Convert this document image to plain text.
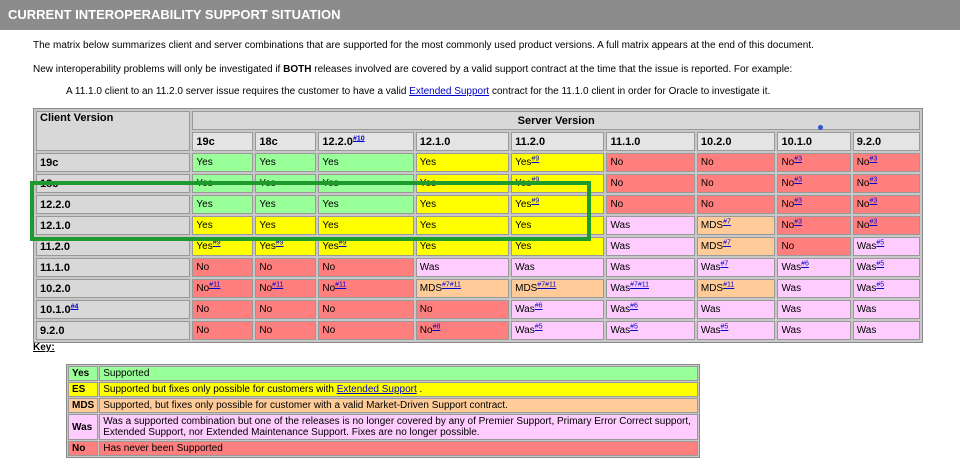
CURRENT INTEROPERABILITY SUPPORT SITUATION
The matrix below summarizes client and server combinations that are supported for the most commonly used product versions. A full matrix appears at the end of this document.
New interoperability problems will only be investigated if BOTH releases involved are covered by a valid support contract at the time that the issue is reported. For example:
A 11.1.0 client to an 11.2.0 server issue requires the customer to have a valid Extended Support contract for the 11.1.0 client in order for Oracle to investigate it.
Client Version	Server Version								
	19c	18c	12.2.0$^{\#10}$	12.1.0	11.2.0	11.1.0	10.2.0	10.1.0	9.2.0
19c	Yes	Yes	Yes	Yes	Yes$^{\#9}$	No	No	No$^{\#3}$	No$^{\#3}$
18c	Yes	Yes	Yes	Yes	Yes$^{\#9}$	No	No	No$^{\#3}$	No$^{\#3}$
12.2.0	Yes	Yes	Yes	Yes	Yes$^{\#9}$	No	No	No$^{\#3}$	No$^{\#3}$
12.1.0	Yes	Yes	Yes	Yes	Yes	Was	MDS$^{\#7}$	No$^{\#3}$	No$^{\#3}$
11.2.0	Yes$^{\#9}$	Yes$^{\#9}$	Yes$^{\#9}$	Yes	Yes	Was	MDS$^{\#7}$	No	Was$^{\#5}$
11.1.0	No	No	No	Was	Was	Was	Was$^{\#7}$	Was$^{\#6}$	Was$^{\#5}$
10.2.0	No$^{\#11}$	No$^{\#11}$	No$^{\#11}$	$MDS^{\#7\#11}$	$MDS^{\#7\#11}$	Was$^{\#7\#11}$	MDS$^{\#11}$	Was	Was$^{\#5}$
10.1.0$^{\#4}$	No	No	No	No	Was$^{\#6}$	Was$^{\#6}$	Was	Was	Was
9.2.0	No	No	No	No$^{\#8}$	Was$^{\#5}$	Was$^{\#5}$	Was$^{\#5}$	Was	Was
Key:
Yes	Supported
ES	Supported but fixes only possible for customers with Extended Support .
MDS	Supported, but fixes only possible for customer with a valid Market-Driven Support contract.
Was	Was a supported combination but one of the releases is no longer covered by any of Premier Support, Primary Error Correct support, Extended Support, nor Extended Maintenance Support. Fixes are no longer possible.
No	Has never been Supported
